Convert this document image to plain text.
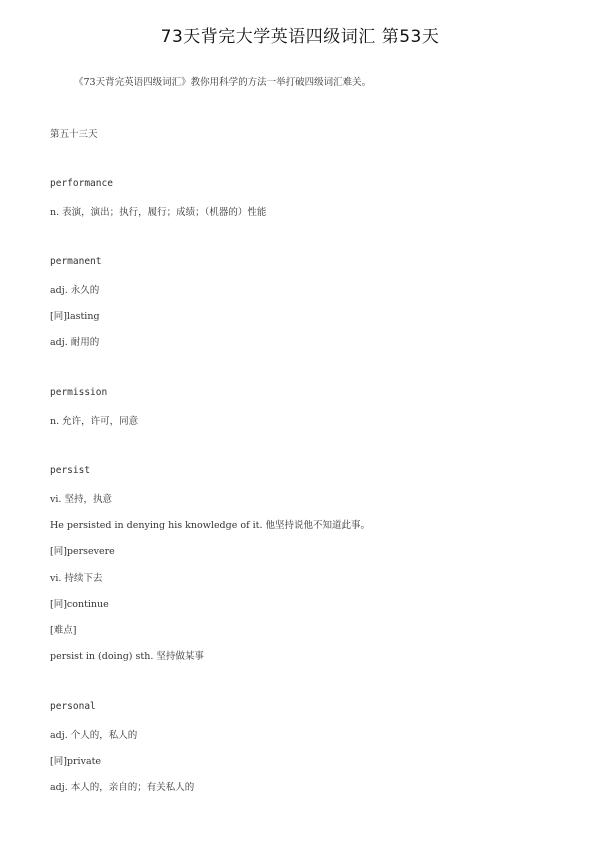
73天背完大学英语四级词汇 第53天
《73天背完英语四级词汇》教你用科学的方法一举打破四级词汇难关。
第五十三天
performance
n. 表演，演出；执行，履行；成绩；（机器的）性能
permanent
adj. 永久的
[同]lasting
adj. 耐用的
permission
n. 允许，许可，同意
persist
vi. 坚持，执意
He persisted in denying his knowledge of it. 他坚持说他不知道此事。
[同]persevere
vi. 持续下去
[同]continue
[难点]
persist in (doing) sth. 坚持做某事
personal
adj. 个人的，私人的
[同]private
adj. 本人的，亲自的；有关私人的
